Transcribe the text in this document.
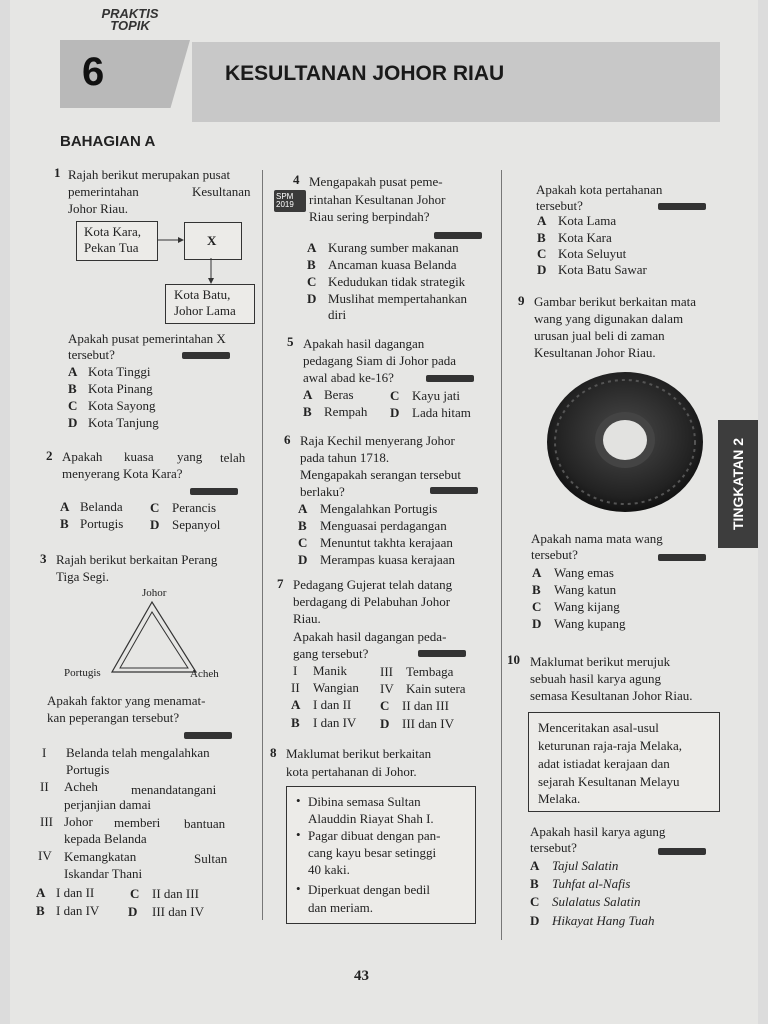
PRAKTIS
TOPIK
6	KESULTANAN JOHOR RIAU
BAHAGIAN A
1 Rajah berikut merupakan pusat
pemerintahan	Kesultanan
Johor Riau.
Kota Kara,
Pekan Tua	X
Kota Batu,
Johor Lama
Apakah pusat pemerintahan X
tersebut?
A Kota Tinggi
B Kota Pinang
C Kota Sayong
D Kota Tanjung
2 Apakah kuasa yang telah
menyerang Kota Kara?
A Belanda C Perancis
B Portugis D Sepanyol
3 Rajah berikut berkaitan Perang
Tiga Segi.
Johor
Portugis	Acheh
Apakah faktor yang menamat-
kan peperangan tersebut?
I Belanda telah mengalahkan
Portugis
II Acheh	menandatangani
perjanjian damai
III Johor memberi bantuan
kepada Belanda
IV Kemangkatan	Sultan
Iskandar Thani
A I dan II	C II dan III
B I dan IV D III dan IV
4 Mengapakah pusat peme-
SPM 2019	rintahan Kesultanan Johor
Riau sering berpindah?
A Kurang sumber makanan
B Ancaman kuasa Belanda
C Kedudukan tidak strategik
D Muslihat mempertahankan
diri
5 Apakah hasil dagangan
pedagang Siam di Johor pada
awal abad ke-16?
A Beras	C Kayu jati
B Rempah D Lada hitam
6 Raja Kechil menyerang Johor
pada tahun 1718.
Mengapakah serangan tersebut
berlaku?
A Mengalahkan Portugis
B Menguasai perdagangan
C Menuntut takhta kerajaan
D Merampas kuasa kerajaan
7 Pedagang Gujerat telah datang
berdagang di Pelabuhan Johor
Riau.
Apakah hasil dagangan peda-
gang tersebut?
I Manik	III Tembaga
II Wangian IV Kain sutera
A I dan II C II dan III
B I dan IV D III dan IV
8 Maklumat berikut berkaitan
kota pertahanan di Johor.
• Dibina semasa Sultan
Alauddin Riayat Shah I.
• Pagar dibuat dengan pan-
cang kayu besar setinggi
40 kaki.
• Diperkuat dengan bedil
dan meriam.
Apakah kota pertahanan
tersebut?
A Kota Lama
B Kota Kara
C Kota Seluyut
D Kota Batu Sawar
9 Gambar berikut berkaitan mata
wang yang digunakan dalam
urusan jual beli di zaman
Kesultanan Johor Riau.
Apakah nama mata wang
tersebut?
A Wang emas
B Wang katun
C Wang kijang
D Wang kupang
10 Maklumat berikut merujuk
sebuah hasil karya agung
semasa Kesultanan Johor Riau.
Menceritakan asal-usul
keturunan raja-raja Melaka,
adat istiadat kerajaan dan
sejarah Kesultanan Melayu
Melaka.
Apakah hasil karya agung
tersebut?
A Tajul Salatin
B Tuhfat al-Nafis
C Sulalatus Salatin
D Hikayat Hang Tuah
43
TINGKATAN 2
